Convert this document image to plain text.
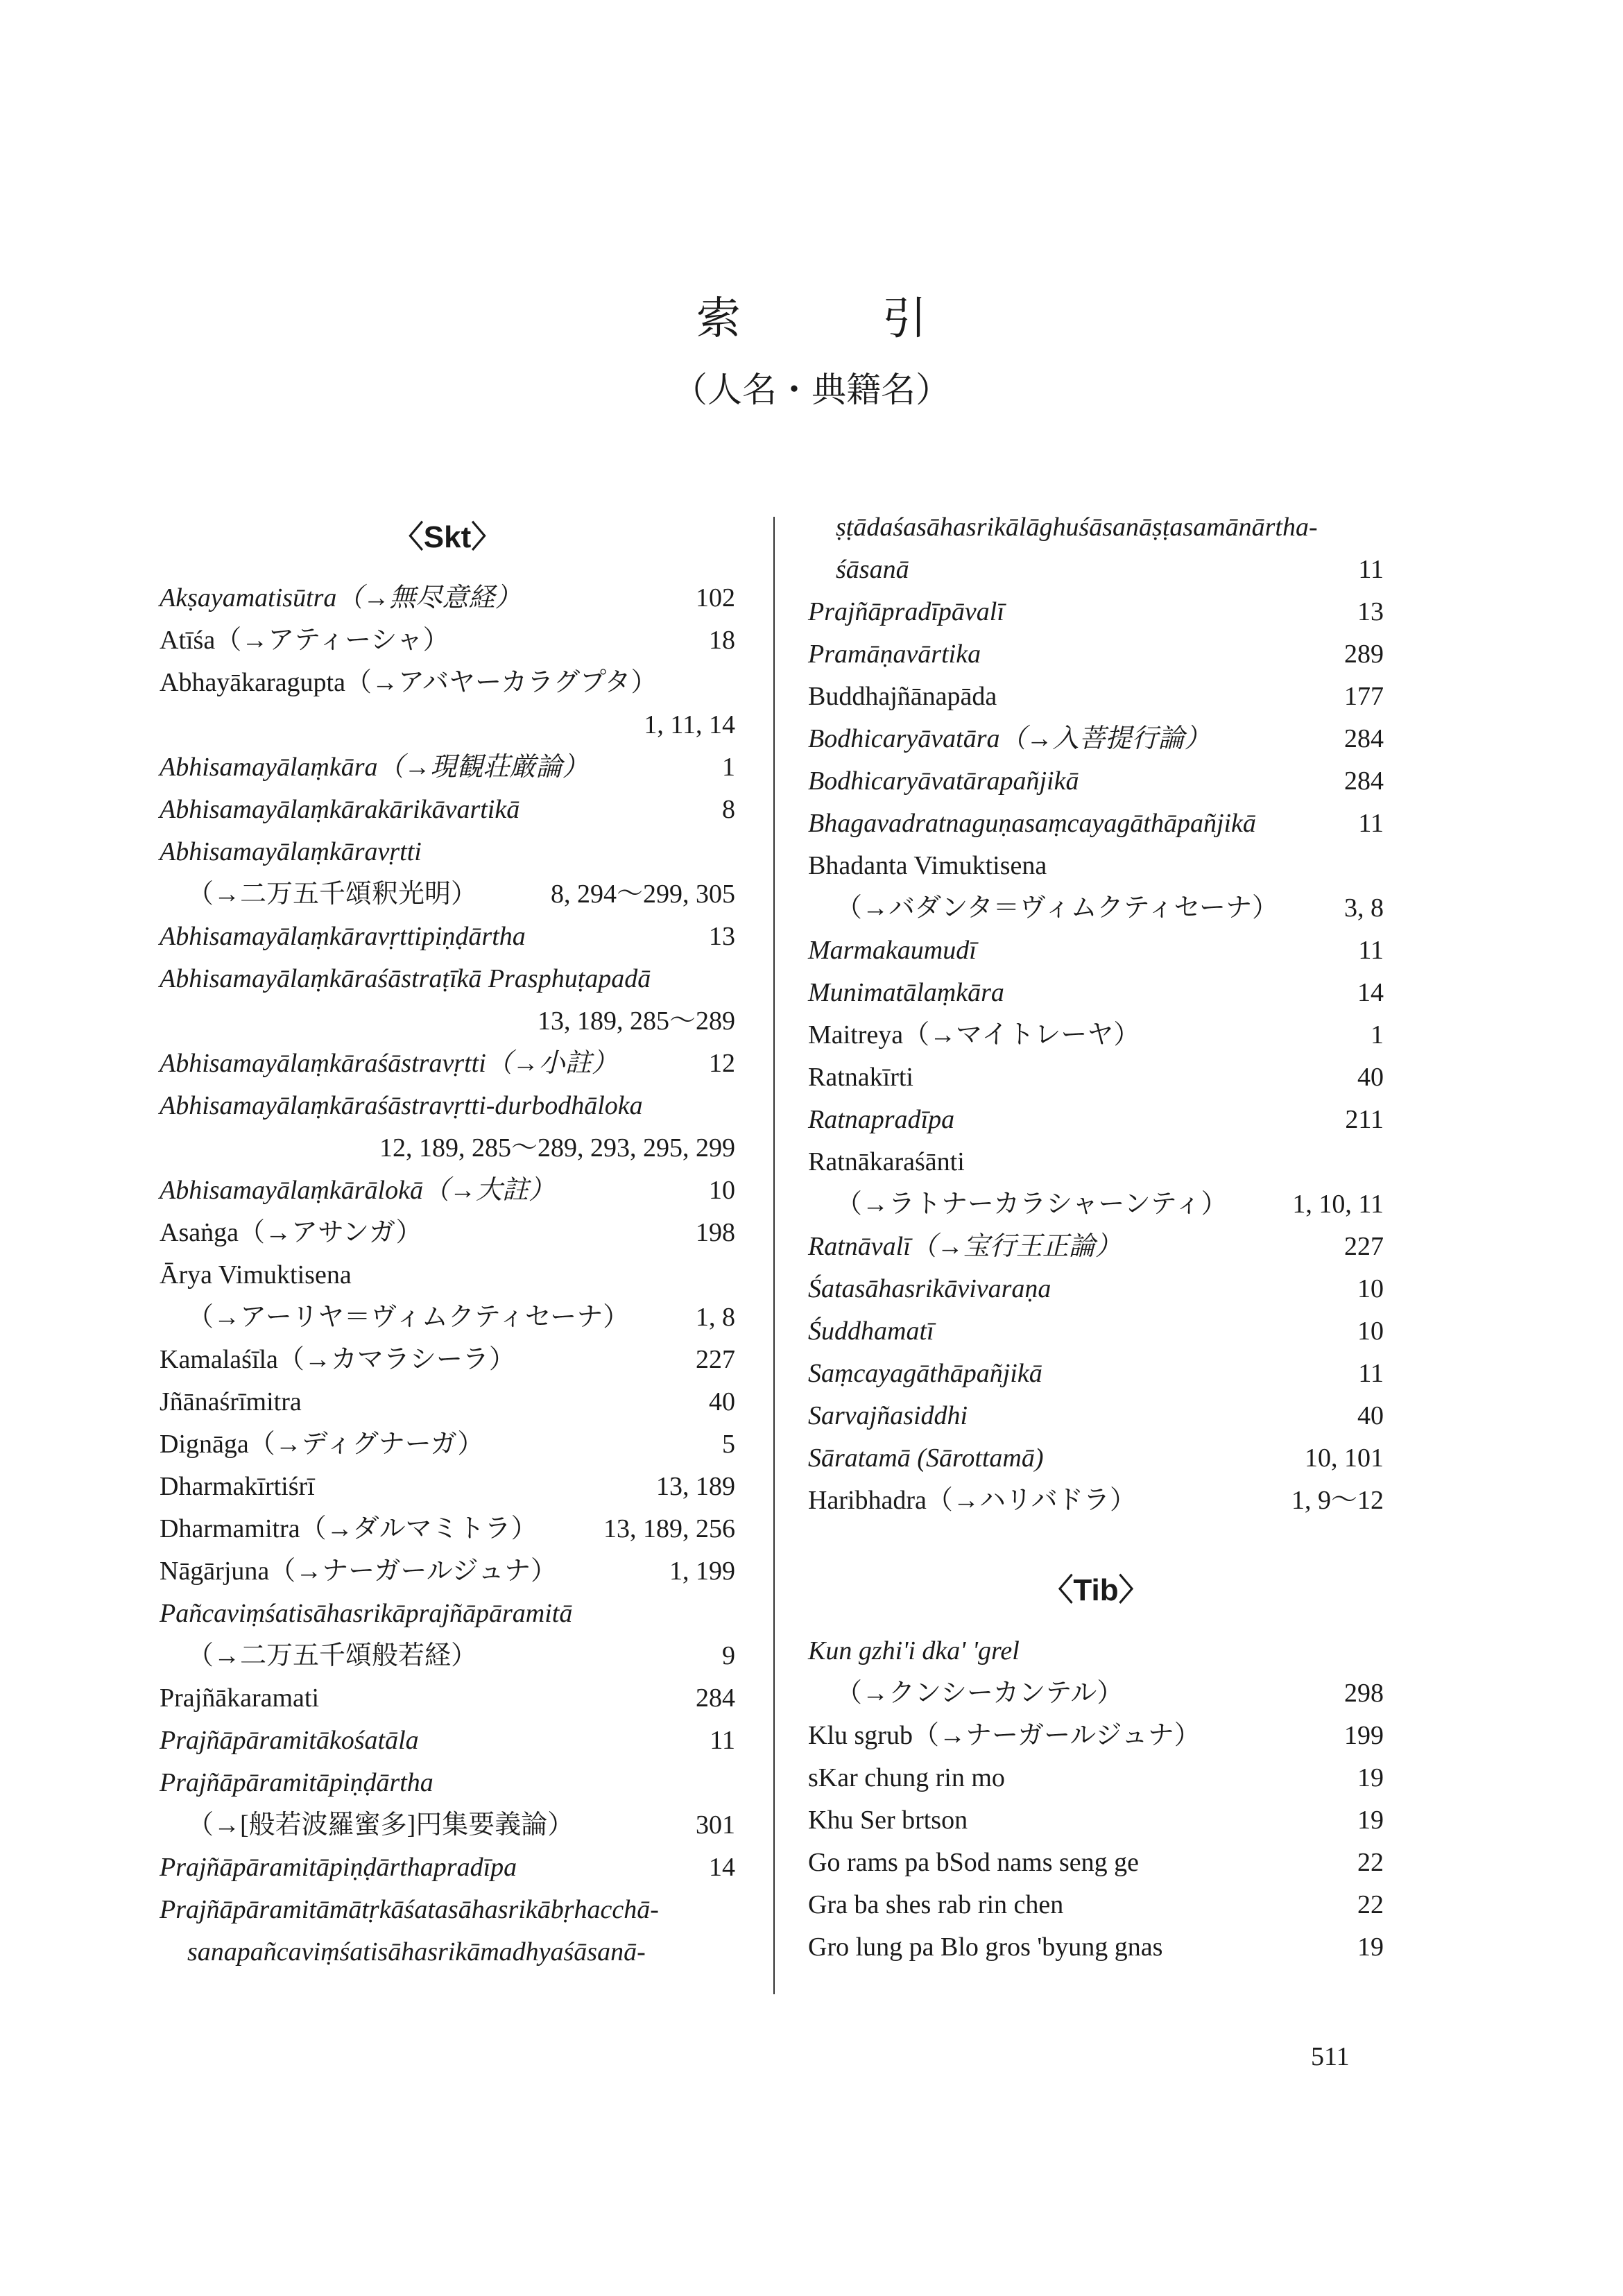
索　引
（人名・典籍名）
〈Skt〉
Akṣayamatisūtra（→無尽意経）	102
Atīśa（→アティーシャ）	18
Abhayākaragupta（→アバヤーカラグプタ）
1, 11, 14
Abhisamayālaṃkāra（→現観荘厳論）	1
Abhisamayālaṃkārakārikāvartikā	8
Abhisamayālaṃkāravṛtti
（→二万五千頌釈光明）	8, 294～299, 305
Abhisamayālaṃkāravṛttipiṇḍārtha	13
Abhisamayālaṃkāraśāstraṭīkā Prasphuṭapadā
13, 189, 285～289
Abhisamayālaṃkāraśāstravṛtti（→小註）	12
Abhisamayālaṃkāraśāstravṛtti-durbodhāloka
12, 189, 285～289, 293, 295, 299
Abhisamayālaṃkārālokā（→大註）	10
Asaṅga（→アサンガ）	198
Ārya Vimuktisena
（→アーリヤ＝ヴィムクティセーナ）	1, 8
Kamalaśīla（→カマラシーラ）	227
Jñānaśrīmitra	40
Dignāga（→ディグナーガ）	5
Dharmakīrtiśrī	13, 189
Dharmamitra（→ダルマミトラ）	13, 189, 256
Nāgārjuna（→ナーガールジュナ）	1, 199
Pañcaviṃśatisāhasrikāprajñāpāramitā
（→二万五千頌般若経）	9
Prajñākaramati	284
Prajñāpāramitākośatāla	11
Prajñāpāramitāpiṇḍārtha
（→[般若波羅蜜多]円集要義論）	301
Prajñāpāramitāpiṇḍārthapradīpa	14
Prajñāpāramitāmātṛkāśatasāhasrikābṛhacchā-
sanapañcaviṃśatisāhasrikāmadhyaśāsanā-
ṣṭādaśasāhasrikālāghuśāsanāṣṭasamānārtha-
śāsanā	11
Prajñāpradīpāvalī	13
Pramāṇavārtika	289
Buddhajñānapāda	177
Bodhicaryāvatāra（→入菩提行論）	284
Bodhicaryāvatārapañjikā	284
Bhagavadratnaguṇasaṃcayagāthāpañjikā	11
Bhadanta Vimuktisena
（→バダンタ＝ヴィムクティセーナ） 3, 8
Marmakaumudī	11
Munimatālaṃkāra	14
Maitreya（→マイトレーヤ）	1
Ratnakīrti	40
Ratnapradīpa	211
Ratnākaraśānti
（→ラトナーカラシャーンティ） 1, 10, 11
Ratnāvalī（→宝行王正論）	227
Śatasāhasrikāvivaraṇa	10
Śuddhamatī	10
Saṃcayagāthāpañjikā	11
Sarvajñasiddhi	40
Sāratamā (Sārottamā)	10, 101
Haribhadra（→ハリバドラ）	1, 9～12
〈Tib〉
Kun gzhi'i dka' 'grel
（→クンシーカンテル）	298
Klu sgrub（→ナーガールジュナ）	199
sKar chung rin mo	19
Khu Ser brtson	19
Go rams pa bSod nams seng ge	22
Gra ba shes rab rin chen	22
Gro lung pa Blo gros 'byung gnas	19
511
